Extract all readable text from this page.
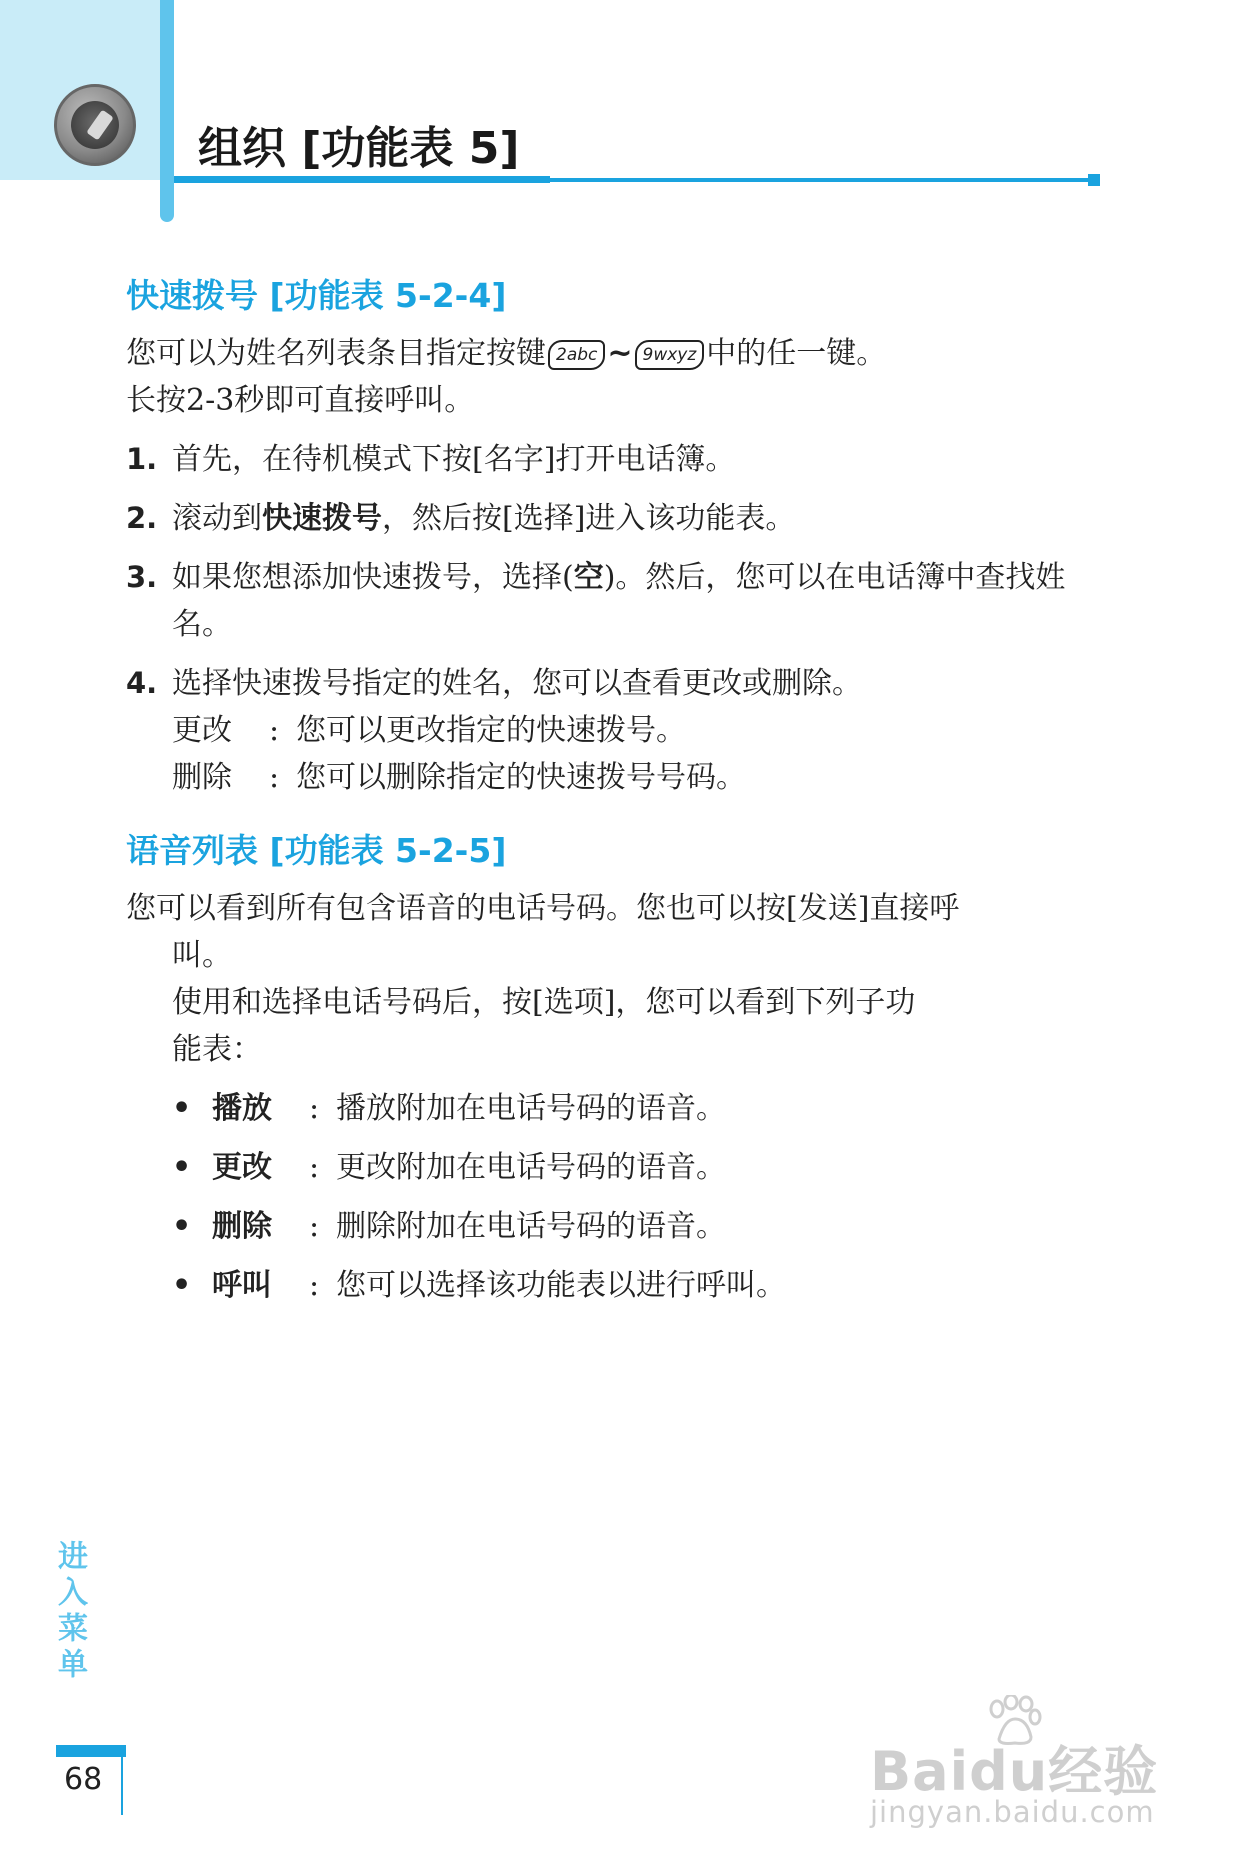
组织 [功能表 5]
快速拨号 [功能表 5-2-4]

您可以为姓名列表条目指定按键 2abc ~ 9wxyz 中的任一键。

长按2-3秒即可直接呼叫。

1. 首先，在待机模式下按[名字]打开电话簿。
2. 滚动到快速拨号，然后按[选择]进入该功能表。
3. 如果您想添加快速拨号，选择(空)。然后，您可以在电话簿中查找姓名。
4. 选择快速拨号指定的姓名，您可以查看更改或删除。
更改	: 您可以更改指定的快速拨号。
删除	: 您可以删除指定的快速拨号号码。
语音列表 [功能表 5-2-5]

您可以看到所有包含语音的电话号码。您也可以按[发送]直接呼

叫。

使用和选择电话号码后，按[选项]，您可以看到下列子功能表：

• 播放	: 播放附加在电话号码的语音。
• 更改	: 更改附加在电话号码的语音。
• 删除	: 删除附加在电话号码的语音。
• 呼叫	: 您可以选择该功能表以进行呼叫。
进入菜单
68	Baidu经验
jingyan.baidu.com
